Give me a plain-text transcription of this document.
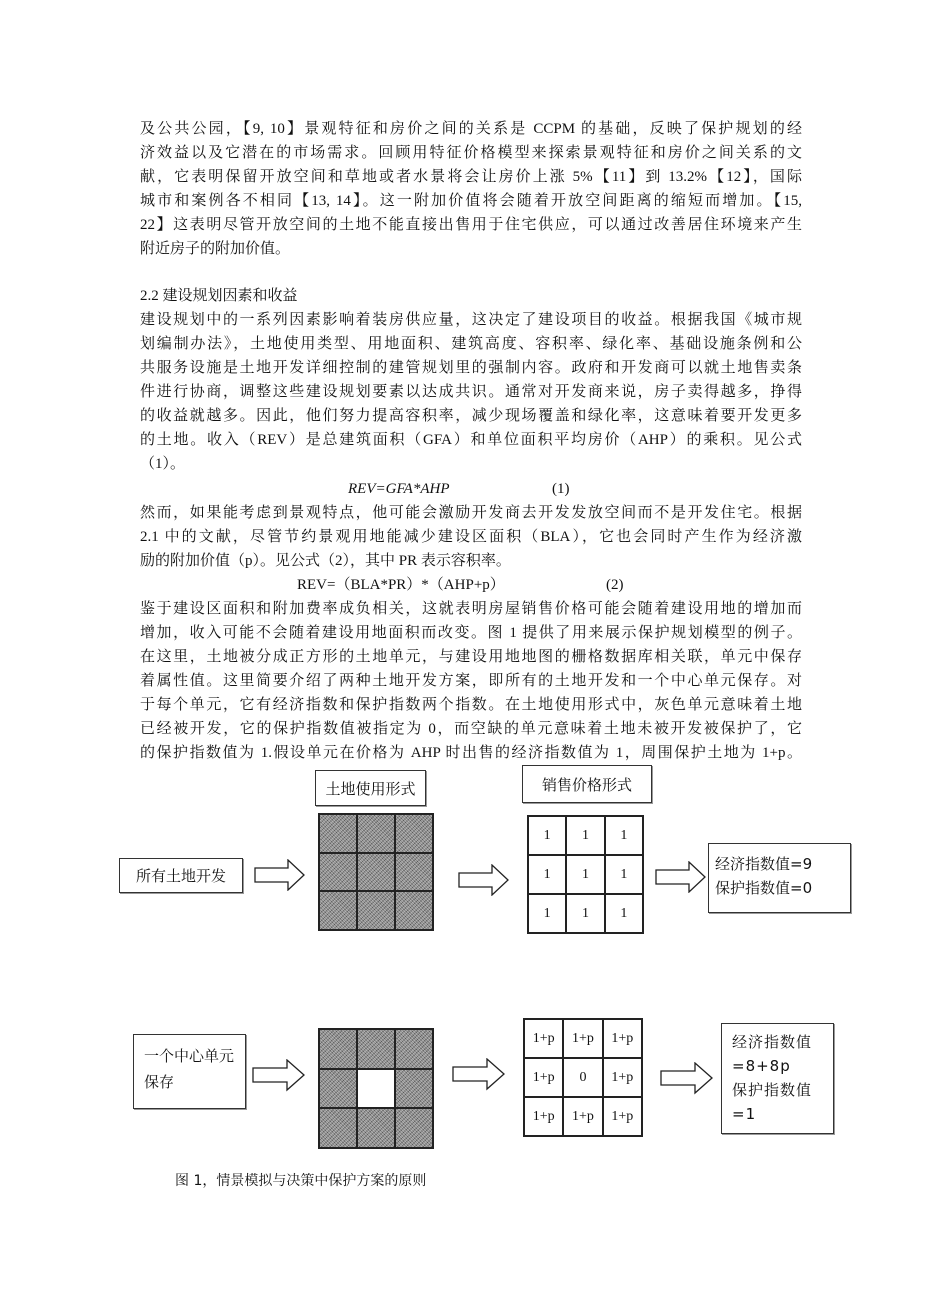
及公共公园，【9, 10】景观特征和房价之间的关系是 CCPM 的基础，反映了保护规划的经
济效益以及它潜在的市场需求。回顾用特征价格模型来探索景观特征和房价之间关系的文
献，它表明保留开放空间和草地或者水景将会让房价上涨 5%【11】到 13.2%【12】，国际
城市和案例各不相同【13, 14】。这一附加价值将会随着开放空间距离的缩短而增加。【15,
22】这表明尽管开放空间的土地不能直接出售用于住宅供应，可以通过改善居住环境来产生
附近房子的附加价值。
2.2 建设规划因素和收益
建设规划中的一系列因素影响着装房供应量，这决定了建设项目的收益。根据我国《城市规
划编制办法》，土地使用类型、用地面积、建筑高度、容积率、绿化率、基础设施条例和公
共服务设施是土地开发详细控制的建管规划里的强制内容。政府和开发商可以就土地售卖条
件进行协商，调整这些建设规划要素以达成共识。通常对开发商来说，房子卖得越多，挣得
的收益就越多。因此，他们努力提高容积率，减少现场覆盖和绿化率，这意味着要开发更多
的土地。收入（REV）是总建筑面积（GFA）和单位面积平均房价（AHP）的乘积。见公式
（1）。
REV=GFA*AHP	(1)
然而，如果能考虑到景观特点，他可能会激励开发商去开发发放空间而不是开发住宅。根据
2.1 中的文献，尽管节约景观用地能减少建设区面积（BLA），它也会同时产生作为经济激
励的附加价值（p）。见公式（2），其中 PR 表示容积率。
REV=（BLA*PR）*（AHP+p）	(2)
鉴于建设区面积和附加费率成负相关，这就表明房屋销售价格可能会随着建设用地的增加而
增加，收入可能不会随着建设用地面积而改变。图 1 提供了用来展示保护规划模型的例子。
在这里，土地被分成正方形的土地单元，与建设用地地图的栅格数据库相关联，单元中保存
着属性值。这里简要介绍了两种土地开发方案，即所有的土地开发和一个中心单元保存。对
于每个单元，它有经济指数和保护指数两个指数。在土地使用形式中，灰色单元意味着土地
已经被开发，它的保护指数值被指定为 0，而空缺的单元意味着土地未被开发被保护了，它
的保护指数值为 1.假设单元在价格为 AHP 时出售的经济指数值为 1，周围保护土地为 1+p。
土地使用形式	销售价格形式
所有土地开发
1	1	1
1	1	1
1	1	1
经济指数值=9
保护指数值=0
一个中心单元保存
1+p	1+p	1+p
1+p	0	1+p
1+p	1+p	1+p
经济指数值
=8+8p
保护指数值
=1
图 1，情景模拟与决策中保护方案的原则
